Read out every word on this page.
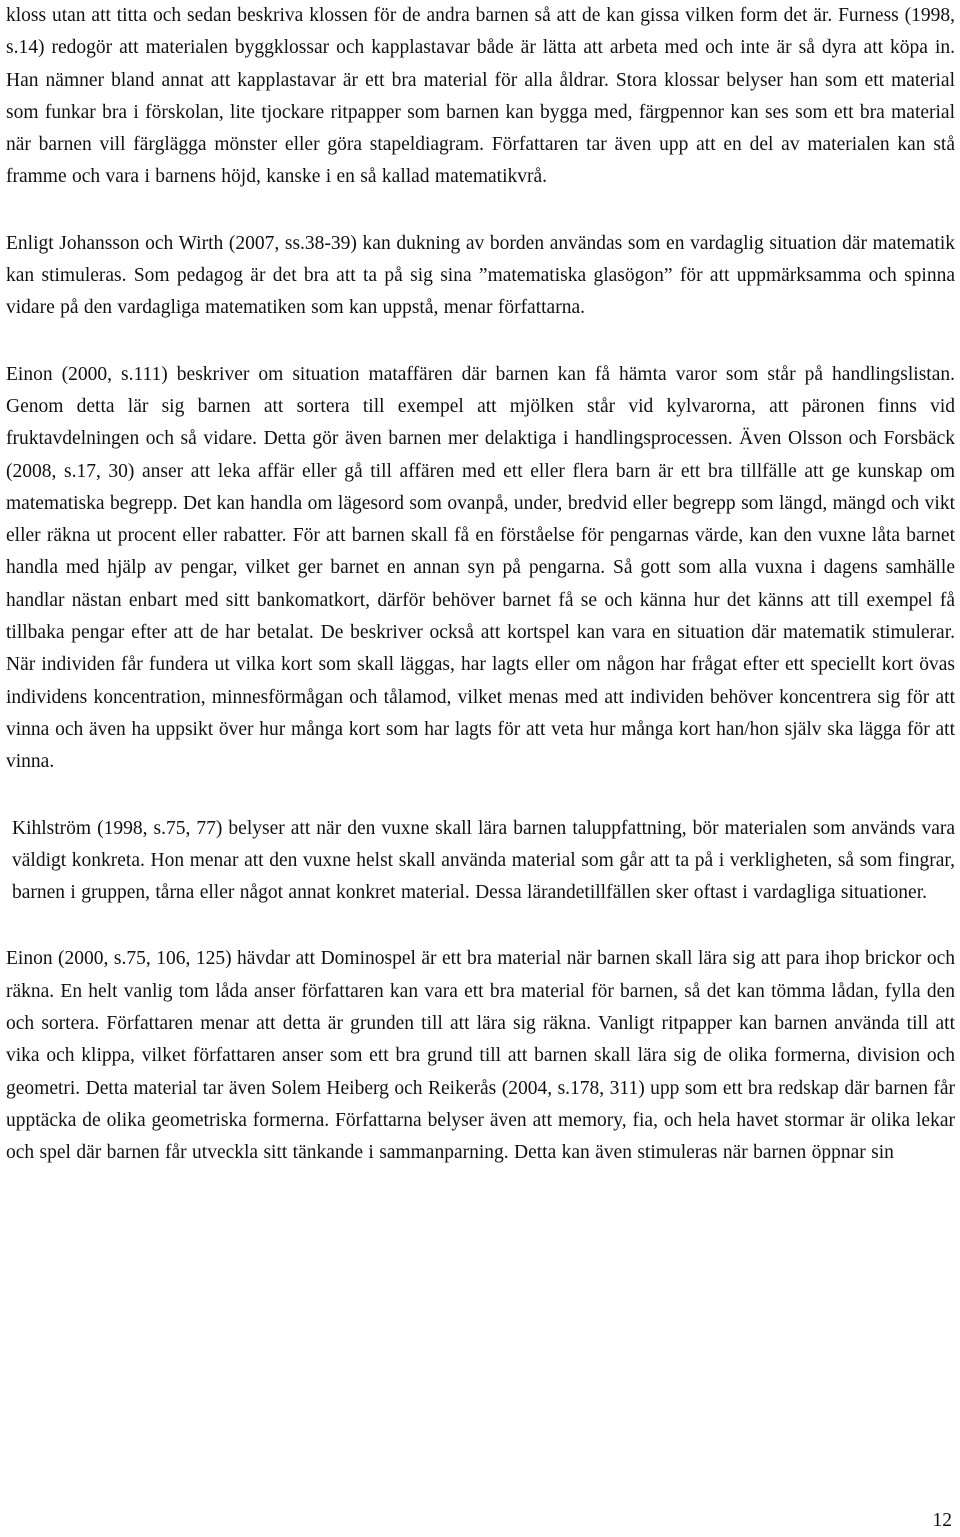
kloss utan att titta och sedan beskriva klossen för de andra barnen så att de kan gissa vilken form det är. Furness (1998, s.14) redogör att materialen byggklossar och kapplastavar både är lätta att arbeta med och inte är så dyra att köpa in. Han nämner bland annat att kapplastavar är ett bra material för alla åldrar. Stora klossar belyser han som ett material som funkar bra i förskolan, lite tjockare ritpapper som barnen kan bygga med, färgpennor kan ses som ett bra material när barnen vill färglägga mönster eller göra stapeldiagram. Författaren tar även upp att en del av materialen kan stå framme och vara i barnens höjd, kanske i en så kallad matematikvrå.

Enligt Johansson och Wirth (2007, ss.38-39) kan dukning av borden användas som en vardaglig situation där matematik kan stimuleras. Som pedagog är det bra att ta på sig sina ”matematiska glasögon” för att uppmärksamma och spinna vidare på den vardagliga matematiken som kan uppstå, menar författarna.

Einon (2000, s.111) beskriver om situation mataffären där barnen kan få hämta varor som står på handlingslistan. Genom detta lär sig barnen att sortera till exempel att mjölken står vid kylvarorna, att päronen finns vid fruktavdelningen och så vidare. Detta gör även barnen mer delaktiga i handlingsprocessen. Även Olsson och Forsbäck (2008, s.17, 30) anser att leka affär eller gå till affären med ett eller flera barn är ett bra tillfälle att ge kunskap om matematiska begrepp. Det kan handla om lägesord som ovanpå, under, bredvid eller begrepp som längd, mängd och vikt eller räkna ut procent eller rabatter. För att barnen skall få en förståelse för pengarnas värde, kan den vuxne låta barnet handla med hjälp av pengar, vilket ger barnet en annan syn på pengarna. Så gott som alla vuxna i dagens samhälle handlar nästan enbart med sitt bankomatkort, därför behöver barnet få se och känna hur det känns att till exempel få tillbaka pengar efter att de har betalat. De beskriver också att kortspel kan vara en situation där matematik stimulerar. När individen får fundera ut vilka kort som skall läggas, har lagts eller om någon har frågat efter ett speciellt kort övas individens koncentration, minnesförmågan och tålamod, vilket menas med att individen behöver koncentrera sig för att vinna och även ha uppsikt över hur många kort som har lagts för att veta hur många kort han/hon själv ska lägga för att vinna.

Kihlström (1998, s.75, 77) belyser att när den vuxne skall lära barnen taluppfattning, bör materialen som används vara väldigt konkreta. Hon menar att den vuxne helst skall använda material som går att ta på i verkligheten, så som fingrar, barnen i gruppen, tårna eller något annat konkret material. Dessa lärandetillfällen sker oftast i vardagliga situationer.

Einon (2000, s.75, 106, 125) hävdar att Dominospel är ett bra material när barnen skall lära sig att para ihop brickor och räkna. En helt vanlig tom låda anser författaren kan vara ett bra material för barnen, så det kan tömma lådan, fylla den och sortera. Författaren menar att detta är grunden till att lära sig räkna. Vanligt ritpapper kan barnen använda till att vika och klippa, vilket författaren anser som ett bra grund till att barnen skall lära sig de olika formerna, division och geometri. Detta material tar även Solem Heiberg och Reikerås (2004, s.178, 311) upp som ett bra redskap där barnen får upptäcka de olika geometriska formerna. Författarna belyser även att memory, fia, och hela havet stormar är olika lekar och spel där barnen får utveckla sitt tänkande i sammanparning. Detta kan även stimuleras när barnen öppnar sin

12
